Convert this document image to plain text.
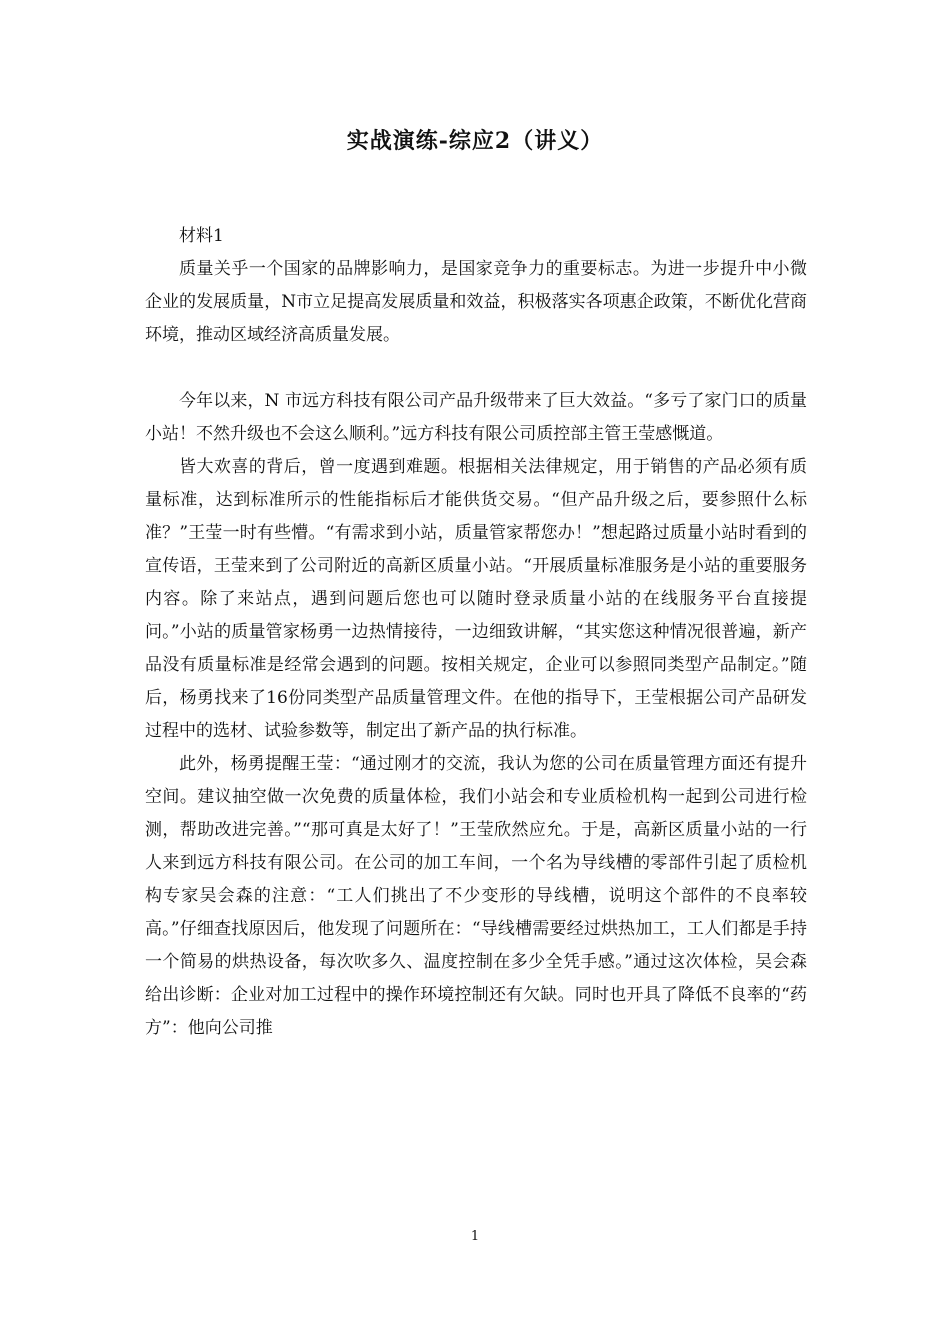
实战演练-综应2（讲义）

材料1

质量关乎一个国家的品牌影响力，是国家竞争力的重要标志。为进一步提升中小微企业的发展质量，N市立足提高发展质量和效益，积极落实各项惠企政策，不断优化营商环境，推动区域经济高质量发展。

今年以来，N 市远方科技有限公司产品升级带来了巨大效益。“多亏了家门口的质量小站！不然升级也不会这么顺利。”远方科技有限公司质控部主管王莹感慨道。

皆大欢喜的背后，曾一度遇到难题。根据相关法律规定，用于销售的产品必须有质量标准，达到标准所示的性能指标后才能供货交易。“但产品升级之后，要参照什么标准？”王莹一时有些懵。“有需求到小站，质量管家帮您办！”想起路过质量小站时看到的宣传语，王莹来到了公司附近的高新区质量小站。“开展质量标准服务是小站的重要服务内容。除了来站点，遇到问题后您也可以随时登录质量小站的在线服务平台直接提问。”小站的质量管家杨勇一边热情接待，一边细致讲解，“其实您这种情况很普遍，新产品没有质量标准是经常会遇到的问题。按相关规定，企业可以参照同类型产品制定。”随后，杨勇找来了16份同类型产品质量管理文件。在他的指导下，王莹根据公司产品研发过程中的选材、试验参数等，制定出了新产品的执行标准。

此外，杨勇提醒王莹：“通过刚才的交流，我认为您的公司在质量管理方面还有提升空间。建议抽空做一次免费的质量体检，我们小站会和专业质检机构一起到公司进行检测，帮助改进完善。”“那可真是太好了！”王莹欣然应允。于是，高新区质量小站的一行人来到远方科技有限公司。在公司的加工车间，一个名为导线槽的零部件引起了质检机构专家吴会森的注意：“工人们挑出了不少变形的导线槽，说明这个部件的不良率较高。”仔细查找原因后，他发现了问题所在：“导线槽需要经过烘热加工，工人们都是手持一个简易的烘热设备，每次吹多久、温度控制在多少全凭手感。”通过这次体检，吴会森给出诊断：企业对加工过程中的操作环境控制还有欠缺。同时也开具了降低不良率的“药方”：他向公司推

1
